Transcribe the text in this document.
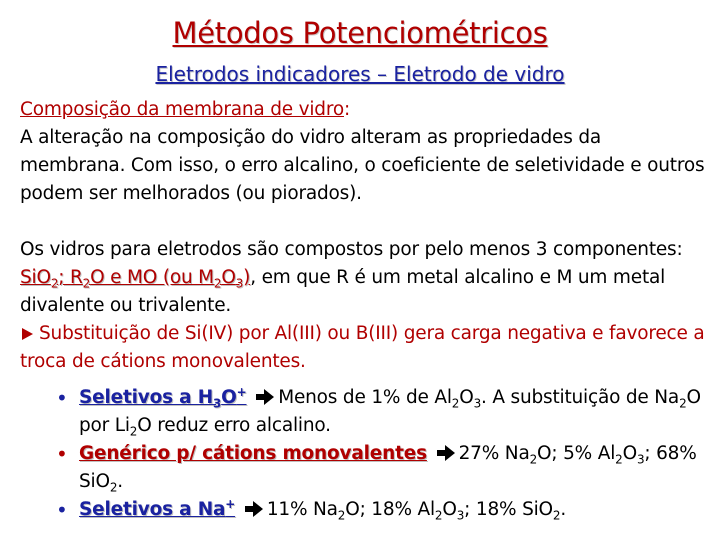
Métodos Potenciométricos
Eletrodos indicadores – Eletrodo de vidro
Composição da membrana de vidro:
A alteração na composição do vidro alteram as propriedades da membrana. Com isso, o erro alcalino, o coeficiente de seletividade e outros podem ser melhorados (ou piorados).
Os vidros para eletrodos são compostos por pelo menos 3 componentes: SiO$_2$; $R_2O$ e MO (ou $M_2O_3$), em que R é um metal alcalino e M um metal divalente ou trivalente.
Substituição de Si(IV) por Al(III) ou B(III) gera carga negativa e favorece a troca de cátions monovalentes.
• Seletivos a $H_3O^+$ Menos de 1% de $Al_2O_3$. A substituição de $Na_2O$ por $Li_2O$ reduz erro alcalino.
• Genérico p/ cátions monovalentes 27% $Na_2O$; 5% $Al_2O_3$; 68% SiO$_2$.
• Seletivos a Na+ 11% $Na_2O$; 18% $Al_2O_3$; 18% SiO$_2$.
